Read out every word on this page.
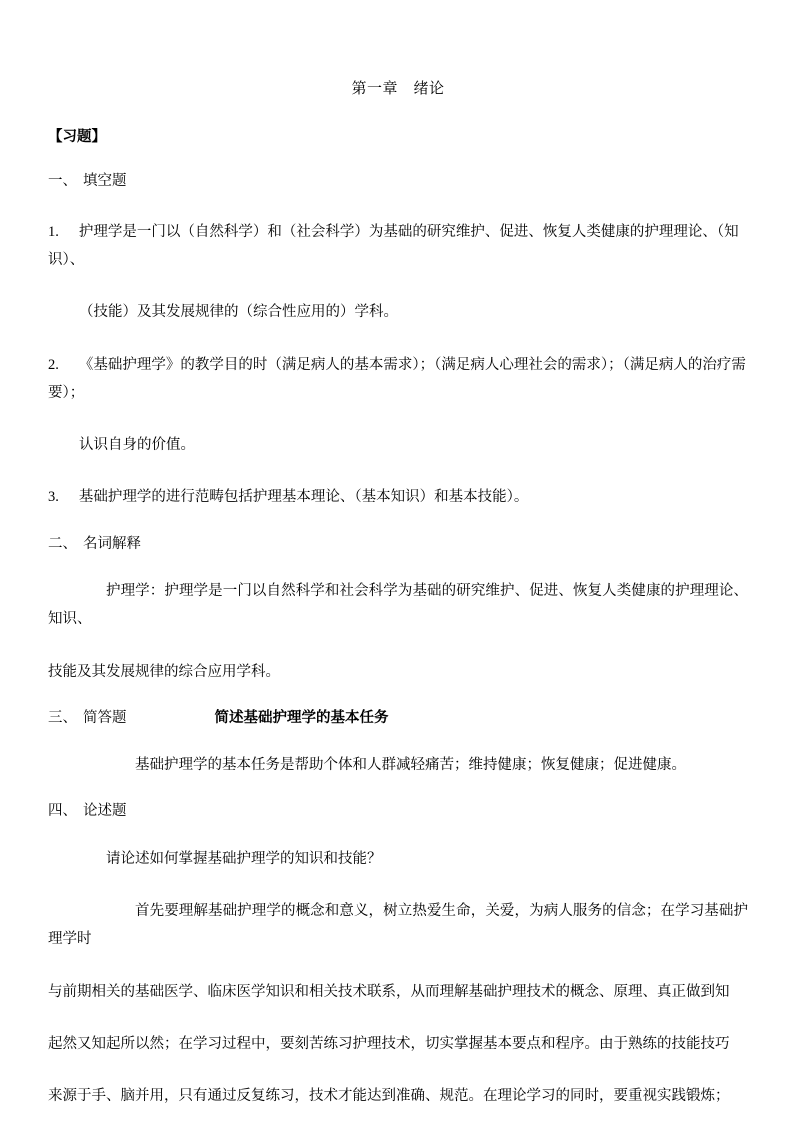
第一章　绪论
【习题】
一、 填空题
1. 护理学是一门以（自然科学）和（社会科学）为基础的研究维护、促进、恢复人类健康的护理理论、（知识）、
（技能）及其发展规律的（综合性应用的）学科。
2. 《基础护理学》的教学目的时（满足病人的基本需求）；（满足病人心理社会的需求）；（满足病人的治疗需要）；
认识自身的价值。
3. 基础护理学的进行范畴包括护理基本理论、（基本知识）和基本技能）。
二、 名词解释
护理学：护理学是一门以自然科学和社会科学为基础的研究维护、促进、恢复人类健康的护理理论、知识、
技能及其发展规律的综合应用学科。
三、 简答题	简述基础护理学的基本任务
基础护理学的基本任务是帮助个体和人群减轻痛苦；维持健康；恢复健康；促进健康。
四、 论述题
请论述如何掌握基础护理学的知识和技能？
首先要理解基础护理学的概念和意义，树立热爱生命，关爱，为病人服务的信念；在学习基础护理学时
与前期相关的基础医学、临床医学知识和相关技术联系，从而理解基础护理技术的概念、原理、真正做到知
起然又知起所以然；在学习过程中，要刻苦练习护理技术，切实掌握基本要点和程序。由于熟练的技能技巧
来源于手、脑并用，只有通过反复练习，技术才能达到准确、规范。在理论学习的同时，要重视实践锻炼；
